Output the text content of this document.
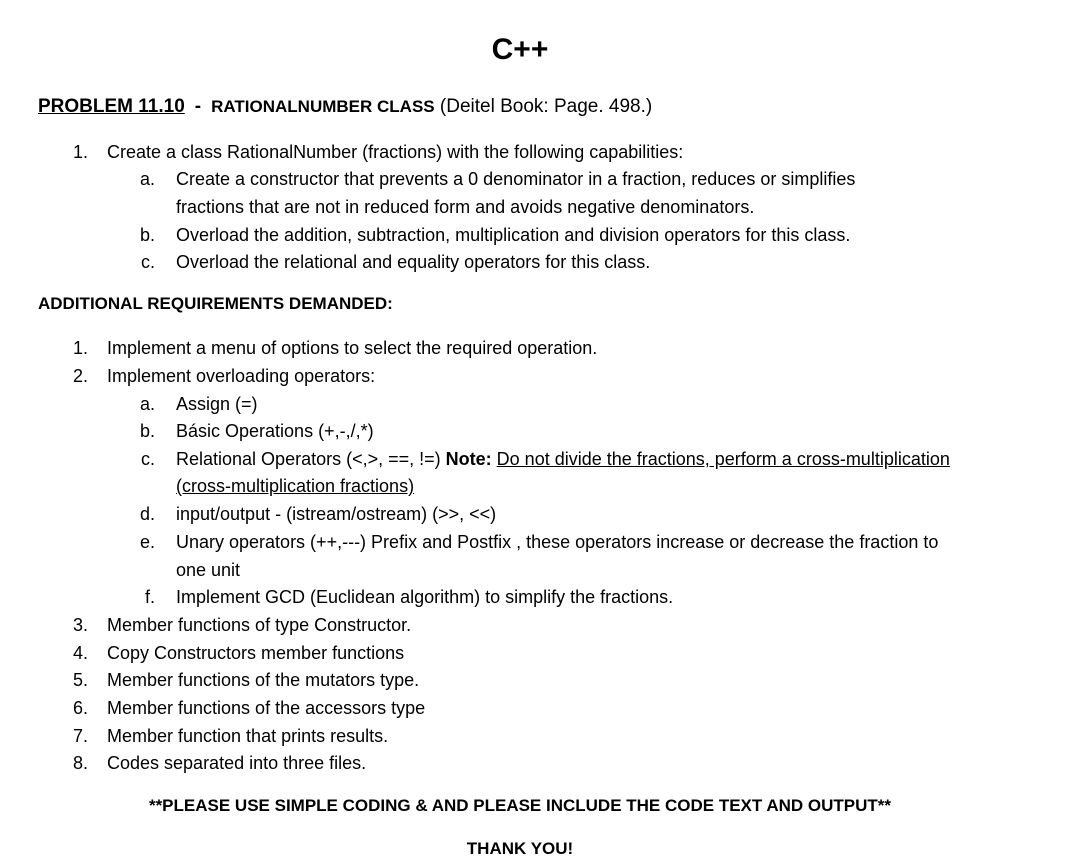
C++
PROBLEM 11.10 - RATIONALNUMBER CLASS (Deitel Book: Page. 498.)
1. Create a class RationalNumber (fractions) with the following capabilities:
a. Create a constructor that prevents a 0 denominator in a fraction, reduces or simplifies
fractions that are not in reduced form and avoids negative denominators.
b. Overload the addition, subtraction, multiplication and division operators for this class.
c. Overload the relational and equality operators for this class.
ADDITIONAL REQUIREMENTS DEMANDED:
1. Implement a menu of options to select the required operation.
2. Implement overloading operators:
a. Assign (=)
b. Básic Operations (+,-,/,*)
c. Relational Operators (<,>, ==, !=) Note: Do not divide the fractions, perform a cross-multiplication
(cross-multiplication fractions)
d. input/output - (istream/ostream) (>>, <<)
e. Unary operators (++,---) Prefix and Postfix , these operators increase or decrease the fraction to
one unit
f. Implement GCD (Euclidean algorithm) to simplify the fractions.
3. Member functions of type Constructor.
4. Copy Constructors member functions
5. Member functions of the mutators type.
6. Member functions of the accessors type
7. Member function that prints results.
8. Codes separated into three files.
**PLEASE USE SIMPLE CODING & AND PLEASE INCLUDE THE CODE TEXT AND OUTPUT**
THANK YOU!
